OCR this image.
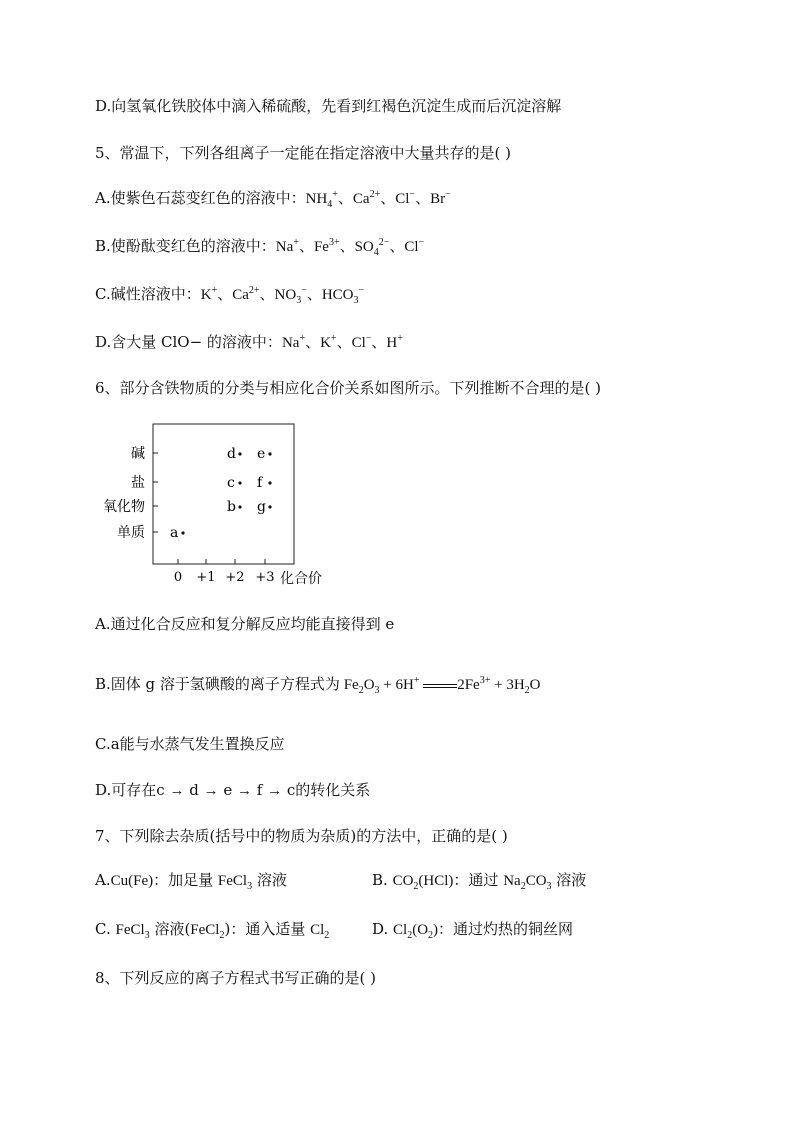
D.向氢氧化铁胶体中滴入稀硫酸，先看到红褐色沉淀生成而后沉淀溶解
5、常温下，下列各组离子一定能在指定溶液中大量共存的是( )
A.使紫色石蕊变红色的溶液中：$NH_4^+$、$Ca^{2+}$、Cl−、Br−
B.使酚酞变红色的溶液中：Na+、$Fe^{3+}$、$SO_4^{2-}$、Cl−
C.碱性溶液中：K+、$Ca^{2+}$、$NO_3^-$、$HCO_3^-$
D.含大量 ClO− 的溶液中：Na+、K+、Cl−、H+
6、部分含铁物质的分类与相应化合价关系如图所示。下列推断不合理的是( )
碱
盐
氧化物
单质
0 +1 +2 +3
a
b
c
d e
f
g
化合价
A.通过化合反应和复分解反应均能直接得到 e
B.固体 g 溶于氢碘酸的离子方程式为 $Fe_2O_3 + 6H^+$	$2Fe^{3+} + 3H_2O$
C.a能与水蒸气发生置换反应
D.可存在c → d → e → f → c的转化关系
7、下列除去杂质(括号中的物质为杂质)的方法中，正确的是( )
A.Cu(Fe)：加足量 FeCl$_3$ 溶液	B. $CO_2(HCl)$：通过 $Na_2CO_3$ 溶液
C. FeCl$_3$ 溶液(FeCl$_2$)：通入适量 $Cl_2$	D. $Cl_2(O_2)$：通过灼热的铜丝网
8、下列反应的离子方程式书写正确的是( )
